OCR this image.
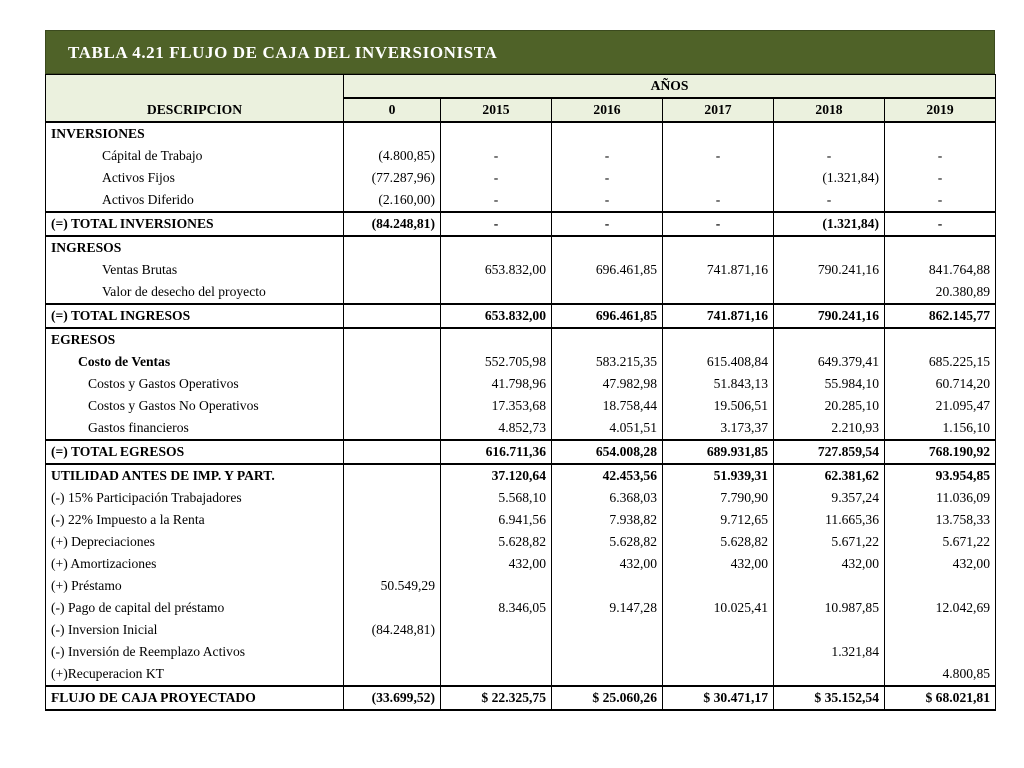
TABLA 4.21 FLUJO DE CAJA DEL INVERSIONISTA
	AÑOS					
DESCRIPCION	0	2015	2016	2017	2018	2019
INVERSIONES						
Cápital de Trabajo	(4.800,85)	-	-	-	-	-
Activos Fijos	(77.287,96)	-	-		(1.321,84)	-
Activos Diferido	(2.160,00)	-	-	-	-	-
(=) TOTAL INVERSIONES	(84.248,81)	-	-	-	(1.321,84)	-
INGRESOS						
Ventas Brutas		653.832,00	696.461,85	741.871,16	790.241,16	841.764,88
Valor de desecho del proyecto						20.380,89
(=) TOTAL INGRESOS		653.832,00	696.461,85	741.871,16	790.241,16	862.145,77
EGRESOS						
Costo de Ventas		552.705,98	583.215,35	615.408,84	649.379,41	685.225,15
Costos y Gastos Operativos		41.798,96	47.982,98	51.843,13	55.984,10	60.714,20
Costos y Gastos No Operativos		17.353,68	18.758,44	19.506,51	20.285,10	21.095,47
Gastos financieros		4.852,73	4.051,51	3.173,37	2.210,93	1.156,10
(=) TOTAL EGRESOS		616.711,36	654.008,28	689.931,85	727.859,54	768.190,92
UTILIDAD ANTES DE IMP. Y PART.		37.120,64	42.453,56	51.939,31	62.381,62	93.954,85
(-) 15% Participación Trabajadores		5.568,10	6.368,03	7.790,90	9.357,24	11.036,09
(-) 22% Impuesto a la Renta		6.941,56	7.938,82	9.712,65	11.665,36	13.758,33
(+) Depreciaciones		5.628,82	5.628,82	5.628,82	5.671,22	5.671,22
(+) Amortizaciones		432,00	432,00	432,00	432,00	432,00
(+) Préstamo	50.549,29					
(-) Pago de capital del préstamo		8.346,05	9.147,28	10.025,41	10.987,85	12.042,69
(-) Inversion Inicial	(84.248,81)					
(-) Inversión de Reemplazo Activos					1.321,84	
(+)Recuperacion KT						4.800,85
FLUJO DE CAJA PROYECTADO	(33.699,52)	$ 22.325,75	$ 25.060,26	$ 30.471,17	$ 35.152,54	$ 68.021,81
